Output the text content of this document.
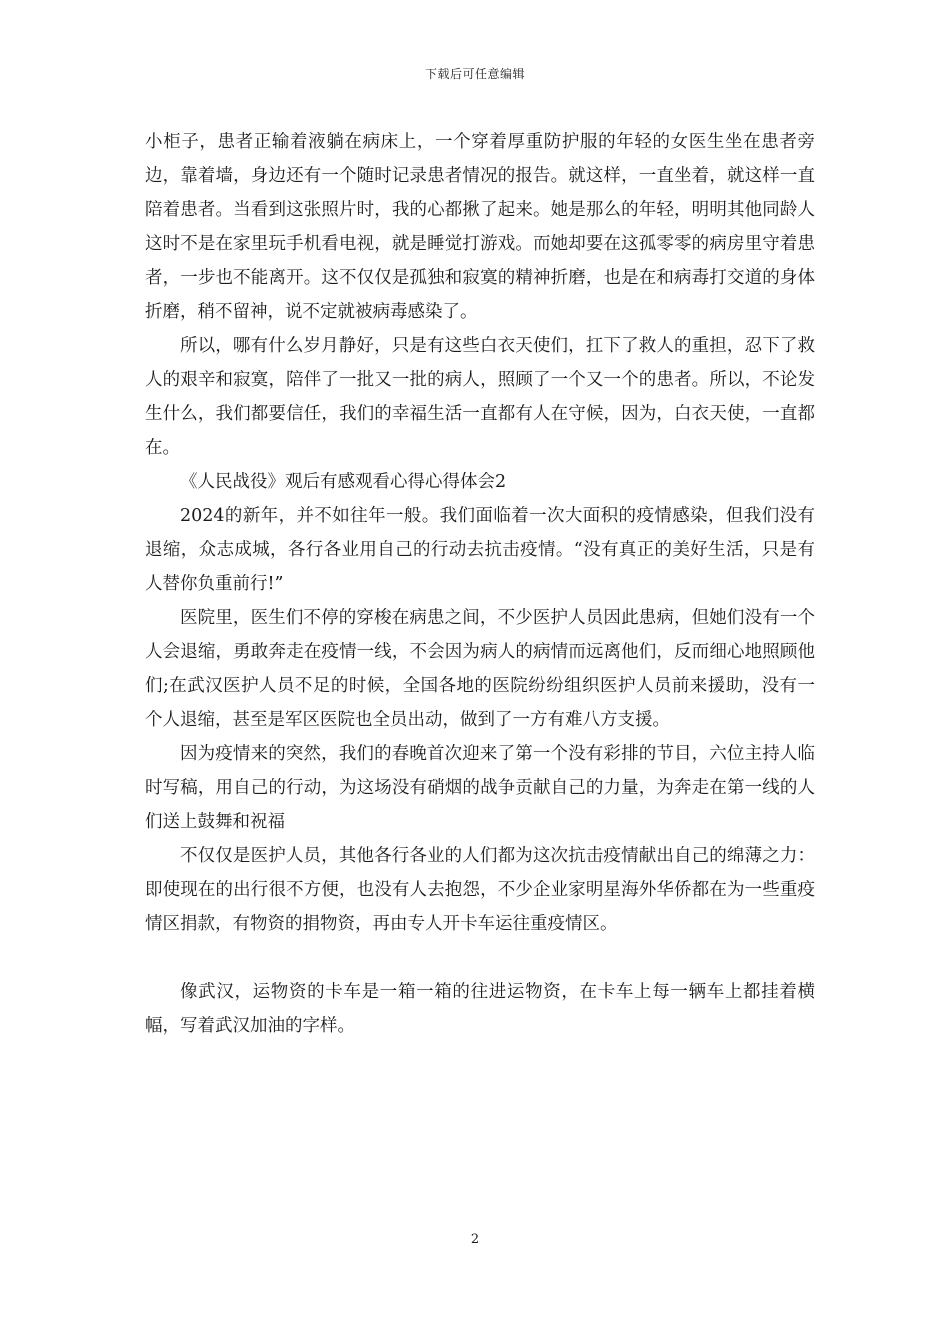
下载后可任意编辑

小柜子，患者正输着液躺在病床上，一个穿着厚重防护服的年轻的女医生坐在患者旁边，靠着墙，身边还有一个随时记录患者情况的报告。就这样，一直坐着，就这样一直陪着患者。当看到这张照片时，我的心都揪了起来。她是那么的年轻，明明其他同龄人这时不是在家里玩手机看电视，就是睡觉打游戏。而她却要在这孤零零的病房里守着患者，一步也不能离开。这不仅仅是孤独和寂寞的精神折磨，也是在和病毒打交道的身体折磨，稍不留神，说不定就被病毒感染了。

所以，哪有什么岁月静好，只是有这些白衣天使们，扛下了救人的重担，忍下了救人的艰辛和寂寞，陪伴了一批又一批的病人，照顾了一个又一个的患者。所以，不论发生什么，我们都要信任，我们的幸福生活一直都有人在守候，因为，白衣天使，一直都在。

《人民战役》观后有感观看心得心得体会2

2024的新年，并不如往年一般。我们面临着一次大面积的疫情感染，但我们没有退缩，众志成城，各行各业用自己的行动去抗击疫情。“没有真正的美好生活，只是有人替你负重前行!”

医院里，医生们不停的穿梭在病患之间，不少医护人员因此患病，但她们没有一个人会退缩，勇敢奔走在疫情一线，不会因为病人的病情而远离他们，反而细心地照顾他们;在武汉医护人员不足的时候，全国各地的医院纷纷组织医护人员前来援助，没有一个人退缩，甚至是军区医院也全员出动，做到了一方有难八方支援。

因为疫情来的突然，我们的春晚首次迎来了第一个没有彩排的节目，六位主持人临时写稿，用自己的行动，为这场没有硝烟的战争贡献自己的力量，为奔走在第一线的人们送上鼓舞和祝福

不仅仅是医护人员，其他各行各业的人们都为这次抗击疫情献出自己的绵薄之力：即使现在的出行很不方便，也没有人去抱怨，不少企业家明星海外华侨都在为一些重疫情区捐款，有物资的捐物资，再由专人开卡车运往重疫情区。

像武汉，运物资的卡车是一箱一箱的往进运物资，在卡车上每一辆车上都挂着横幅，写着武汉加油的字样。

2
